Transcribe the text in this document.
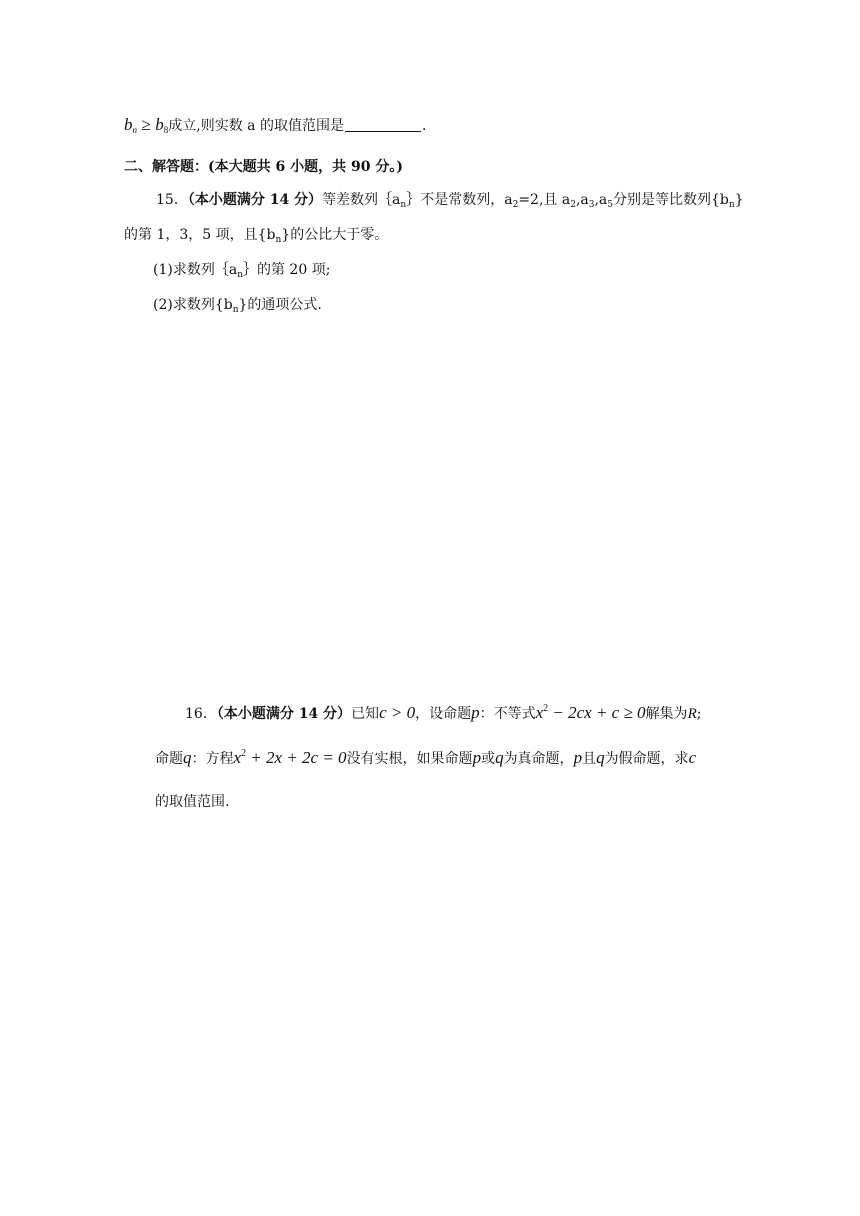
$b_n \ge b_8$成立,则实数 a 的取值范围是	.
二、解答题：(本大题共 6 小题，共 90 分。)
15．（本小题满分 14 分）等差数列$\{a_n\}$不是常数列，$a_2=2$,且 $a_2,a_3,a_5$分别是等比数列$\{b_n\}$
的第 1，3，5 项，且$\{b_n\}$的公比大于零。
(1)求数列$\{a_n\}$的第 20 项;
(2)求数列$\{b_n\}$的通项公式.
16．（本小题满分 14 分）已知c > 0，设命题p：不等式$x^2 - 2cx + c \ge 0$解集为R;
命题q：方程$x^2 + 2x + 2c = 0$没有实根，如果命题p或q为真命题，p且q为假命题，求c
的取值范围.
